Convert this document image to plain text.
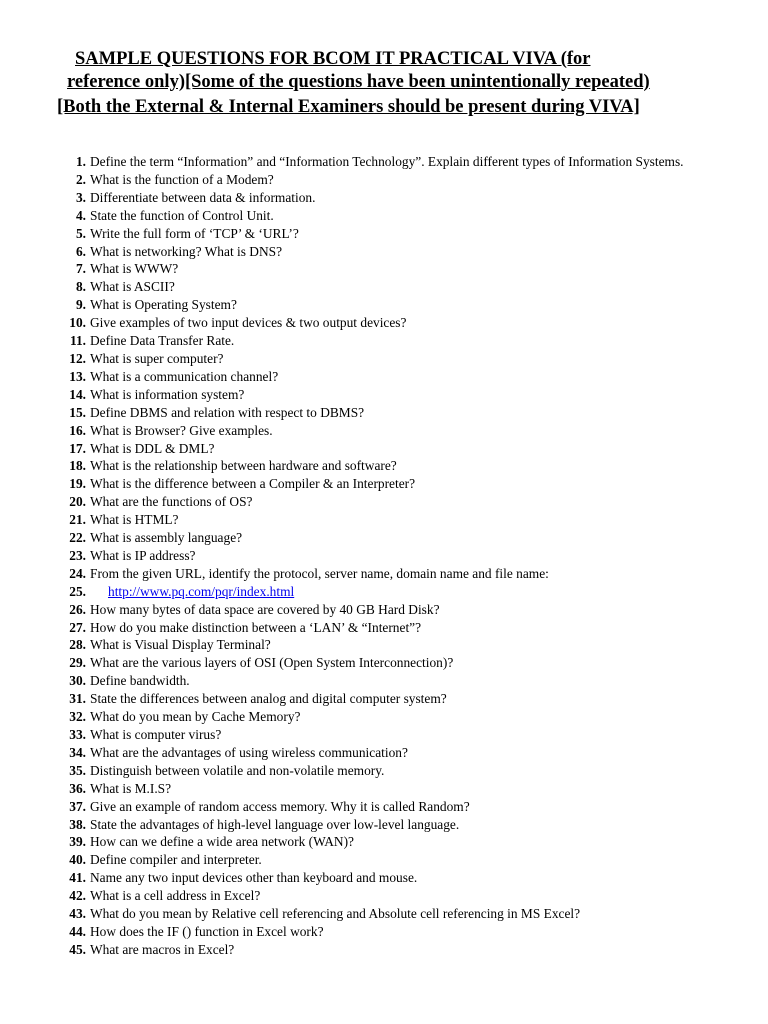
SAMPLE QUESTIONS FOR BCOM IT PRACTICAL VIVA (for
reference only)[Some of the questions have been unintentionally repeated)
[Both the External & Internal Examiners should be present during VIVA]
1. Define the term “Information” and “Information Technology”. Explain different types of Information Systems.
2. What is the function of a Modem?
3. Differentiate between data & information.
4. State the function of Control Unit.
5. Write the full form of ‘TCP’ & ‘URL’?
6. What is networking? What is DNS?
7. What is WWW?
8. What is ASCII?
9. What is Operating System?
10. Give examples of two input devices & two output devices?
11. Define Data Transfer Rate.
12. What is super computer?
13. What is a communication channel?
14. What is information system?
15. Define DBMS and relation with respect to DBMS?
16. What is Browser? Give examples.
17. What is DDL & DML?
18. What is the relationship between hardware and software?
19. What is the difference between a Compiler & an Interpreter?
20. What are the functions of OS?
21. What is HTML?
22. What is assembly language?
23. What is IP address?
24. From the given URL, identify the protocol, server name, domain name and file name:
25. http://www.pq.com/pqr/index.html
26. How many bytes of data space are covered by 40 GB Hard Disk?
27. How do you make distinction between a ‘LAN’ & “Internet”?
28. What is Visual Display Terminal?
29. What are the various layers of OSI (Open System Interconnection)?
30. Define bandwidth.
31. State the differences between analog and digital computer system?
32. What do you mean by Cache Memory?
33. What is computer virus?
34. What are the advantages of using wireless communication?
35. Distinguish between volatile and non-volatile memory.
36. What is M.I.S?
37. Give an example of random access memory. Why it is called Random?
38. State the advantages of high-level language over low-level language.
39. How can we define a wide area network (WAN)?
40. Define compiler and interpreter.
41. Name any two input devices other than keyboard and mouse.
42. What is a cell address in Excel?
43. What do you mean by Relative cell referencing and Absolute cell referencing in MS Excel?
44. How does the IF () function in Excel work?
45. What are macros in Excel?
